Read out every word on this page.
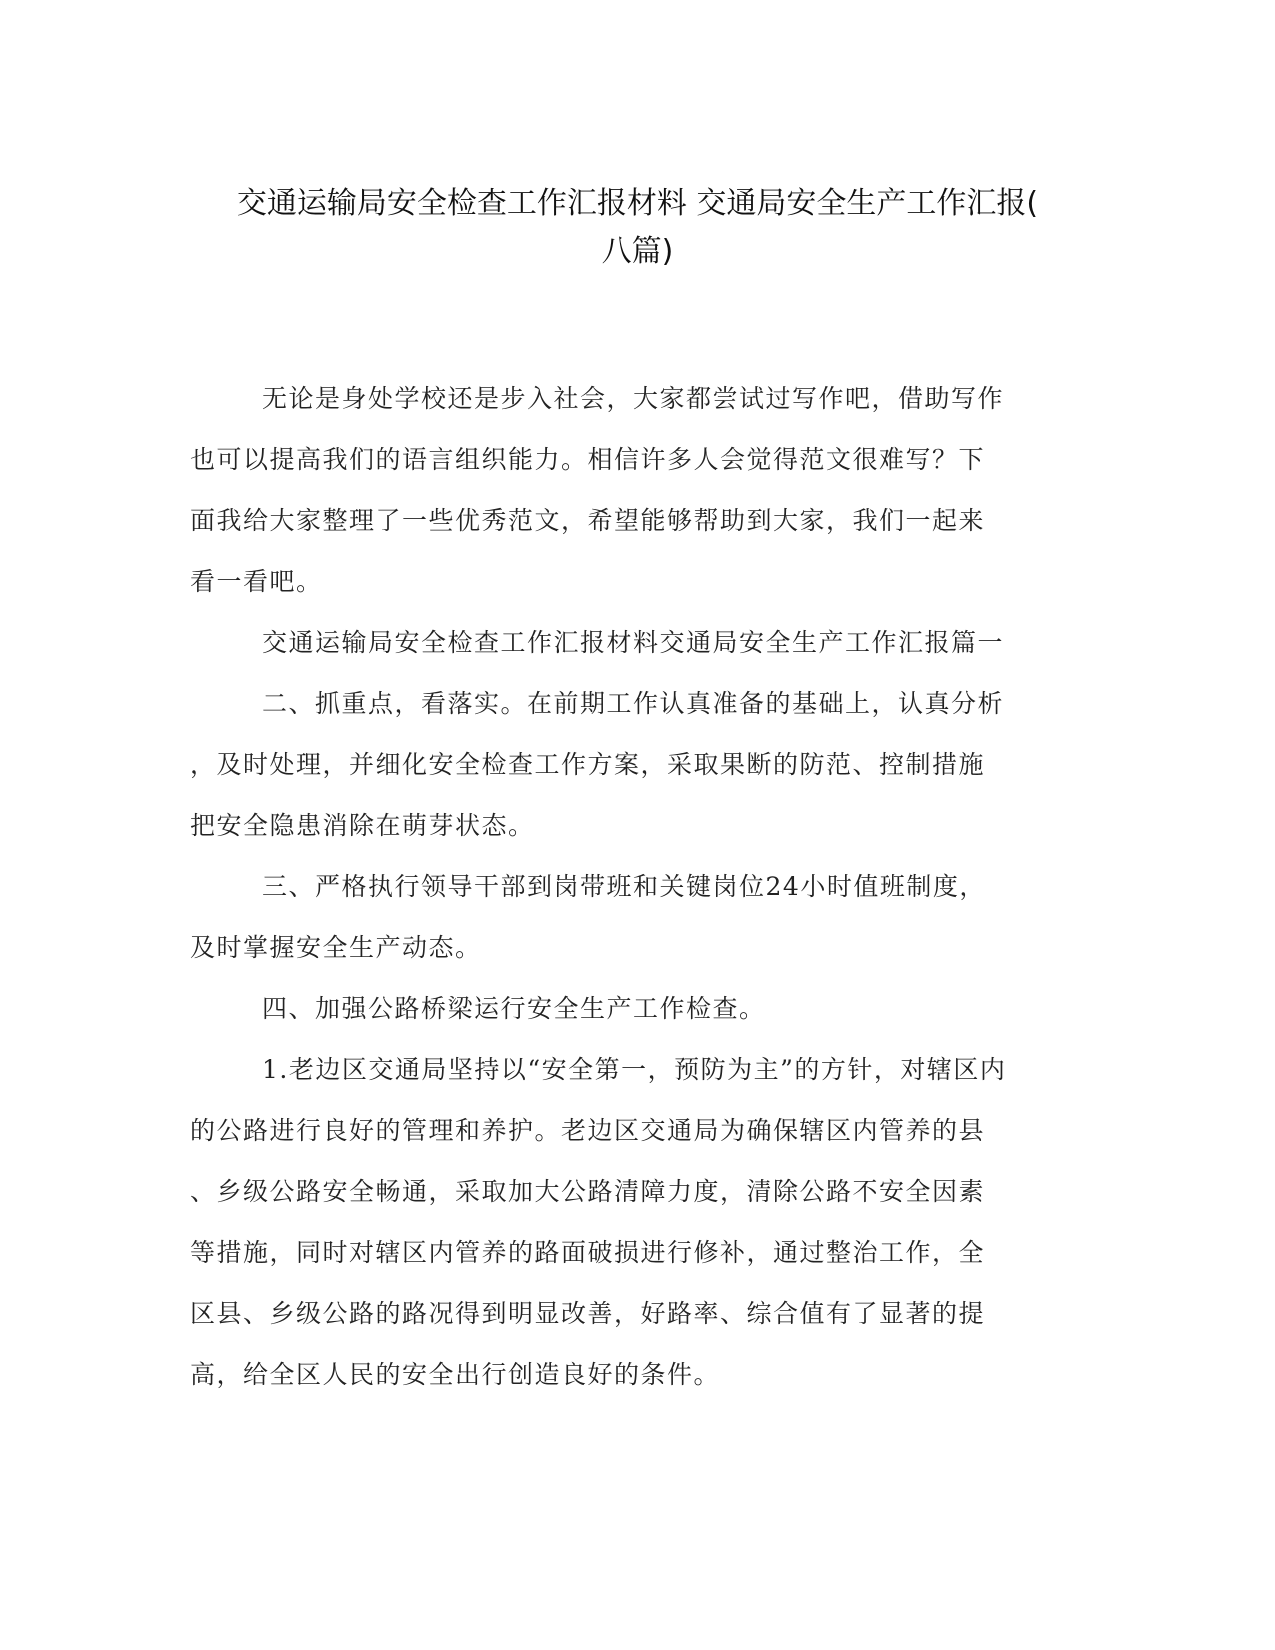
交通运输局安全检查工作汇报材料 交通局安全生产工作汇报(
八篇)

无论是身处学校还是步入社会，大家都尝试过写作吧，借助写作
也可以提高我们的语言组织能力。相信许多人会觉得范文很难写？下
面我给大家整理了一些优秀范文，希望能够帮助到大家，我们一起来
看一看吧。

交通运输局安全检查工作汇报材料交通局安全生产工作汇报篇一

二、抓重点，看落实。在前期工作认真准备的基础上，认真分析
，及时处理，并细化安全检查工作方案，采取果断的防范、控制措施
把安全隐患消除在萌芽状态。

三、严格执行领导干部到岗带班和关键岗位24小时值班制度，
及时掌握安全生产动态。

四、加强公路桥梁运行安全生产工作检查。

1.老边区交通局坚持以“安全第一，预防为主”的方针，对辖区内
的公路进行良好的管理和养护。老边区交通局为确保辖区内管养的县
、乡级公路安全畅通，采取加大公路清障力度，清除公路不安全因素
等措施，同时对辖区内管养的路面破损进行修补，通过整治工作，全
区县、乡级公路的路况得到明显改善，好路率、综合值有了显著的提
高，给全区人民的安全出行创造良好的条件。
